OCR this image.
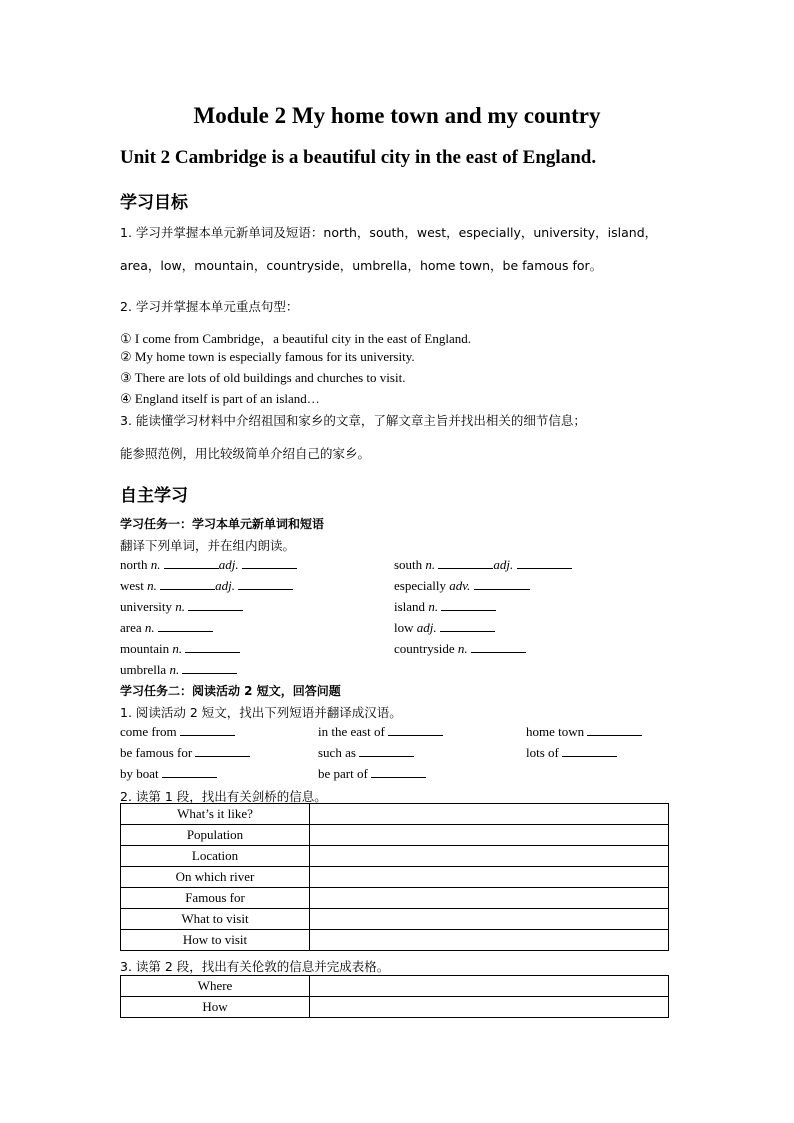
Module 2 My home town and my country
Unit 2 Cambridge is a beautiful city in the east of England.
学习目标
1. 学习并掌握本单元新单词及短语：north，south，west，especially，university，island，
area，low，mountain，countryside，umbrella，home town，be famous for。
2. 学习并掌握本单元重点句型：
① I come from Cambridge，a beautiful city in the east of England.
② My home town is especially famous for its university.
③ There are lots of old buildings and churches to visit.
④ England itself is part of an island…
3. 能读懂学习材料中介绍祖国和家乡的文章，了解文章主旨并找出相关的细节信息；
能参照范例，用比较级简单介绍自己的家乡。
自主学习
学习任务一：学习本单元新单词和短语
翻译下列单词，并在组内朗读。
north n.	adj.	south n.	adj.
west n.	adj.	especially adv.
university n.	island n.
area n.	low adj.
mountain n.	countryside n.
umbrella n.
学习任务二：阅读活动 2 短文，回答问题
1. 阅读活动 2 短文，找出下列短语并翻译成汉语。
come from	in the east of	home town
be famous for	such as	lots of
by boat	be part of
2. 读第 1 段，找出有关剑桥的信息。
What’s it like?	
Population	
Location	
On which river	
Famous for	
What to visit	
How to visit	
3. 读第 2 段，找出有关伦敦的信息并完成表格。
Where	
How	
